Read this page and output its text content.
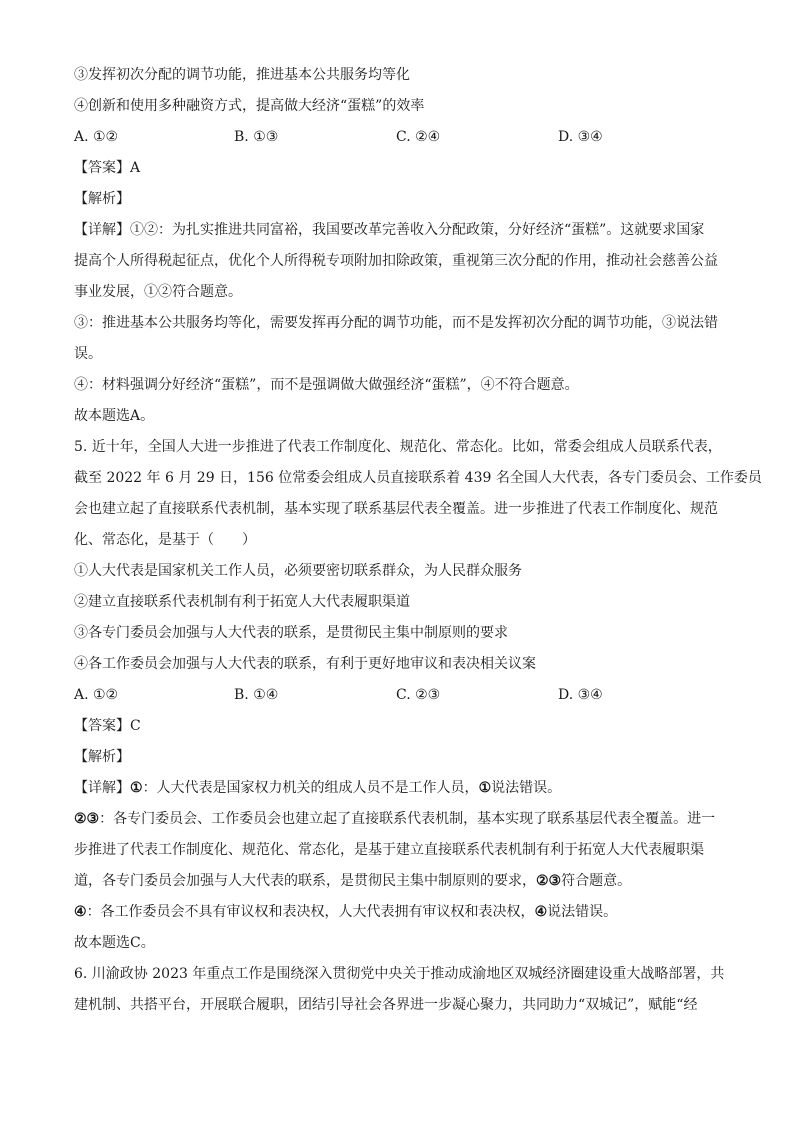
③发挥初次分配的调节功能，推进基本公共服务均等化
④创新和使用多种融资方式，提高做大经济“蛋糕”的效率
A. ①②	B. ①③	C. ②④	D. ③④
【答案】A
【解析】
【详解】①②：为扎实推进共同富裕，我国要改革完善收入分配政策，分好经济“蛋糕”。这就要求国家
提高个人所得税起征点，优化个人所得税专项附加扣除政策，重视第三次分配的作用，推动社会慈善公益
事业发展，①②符合题意。
③：推进基本公共服务均等化，需要发挥再分配的调节功能，而不是发挥初次分配的调节功能，③说法错
误。
④：材料强调分好经济“蛋糕”，而不是强调做大做强经济“蛋糕”，④不符合题意。
故本题选A。
5. 近十年，全国人大进一步推进了代表工作制度化、规范化、常态化。比如，常委会组成人员联系代表，
截至 2022 年 6 月 29 日，156 位常委会组成人员直接联系着 439 名全国人大代表，各专门委员会、工作委员
会也建立起了直接联系代表机制，基本实现了联系基层代表全覆盖。进一步推进了代表工作制度化、规范
化、常态化，是基于（　　）
①人大代表是国家机关工作人员，必须要密切联系群众，为人民群众服务
②建立直接联系代表机制有利于拓宽人大代表履职渠道
③各专门委员会加强与人大代表的联系，是贯彻民主集中制原则的要求
④各工作委员会加强与人大代表的联系，有利于更好地审议和表决相关议案
A. ①②	B. ①④	C. ②③	D. ③④
【答案】C
【解析】
【详解】①：人大代表是国家权力机关的组成人员不是工作人员，①说法错误。
②③：各专门委员会、工作委员会也建立起了直接联系代表机制，基本实现了联系基层代表全覆盖。进一
步推进了代表工作制度化、规范化、常态化，是基于建立直接联系代表机制有利于拓宽人大代表履职渠
道，各专门委员会加强与人大代表的联系，是贯彻民主集中制原则的要求，②③符合题意。
④：各工作委员会不具有审议权和表决权，人大代表拥有审议权和表决权，④说法错误。
故本题选C。
6. 川渝政协 2023 年重点工作是围绕深入贯彻党中央关于推动成渝地区双城经济圈建设重大战略部署，共
建机制、共搭平台，开展联合履职，团结引导社会各界进一步凝心聚力，共同助力“双城记”，赋能“经
